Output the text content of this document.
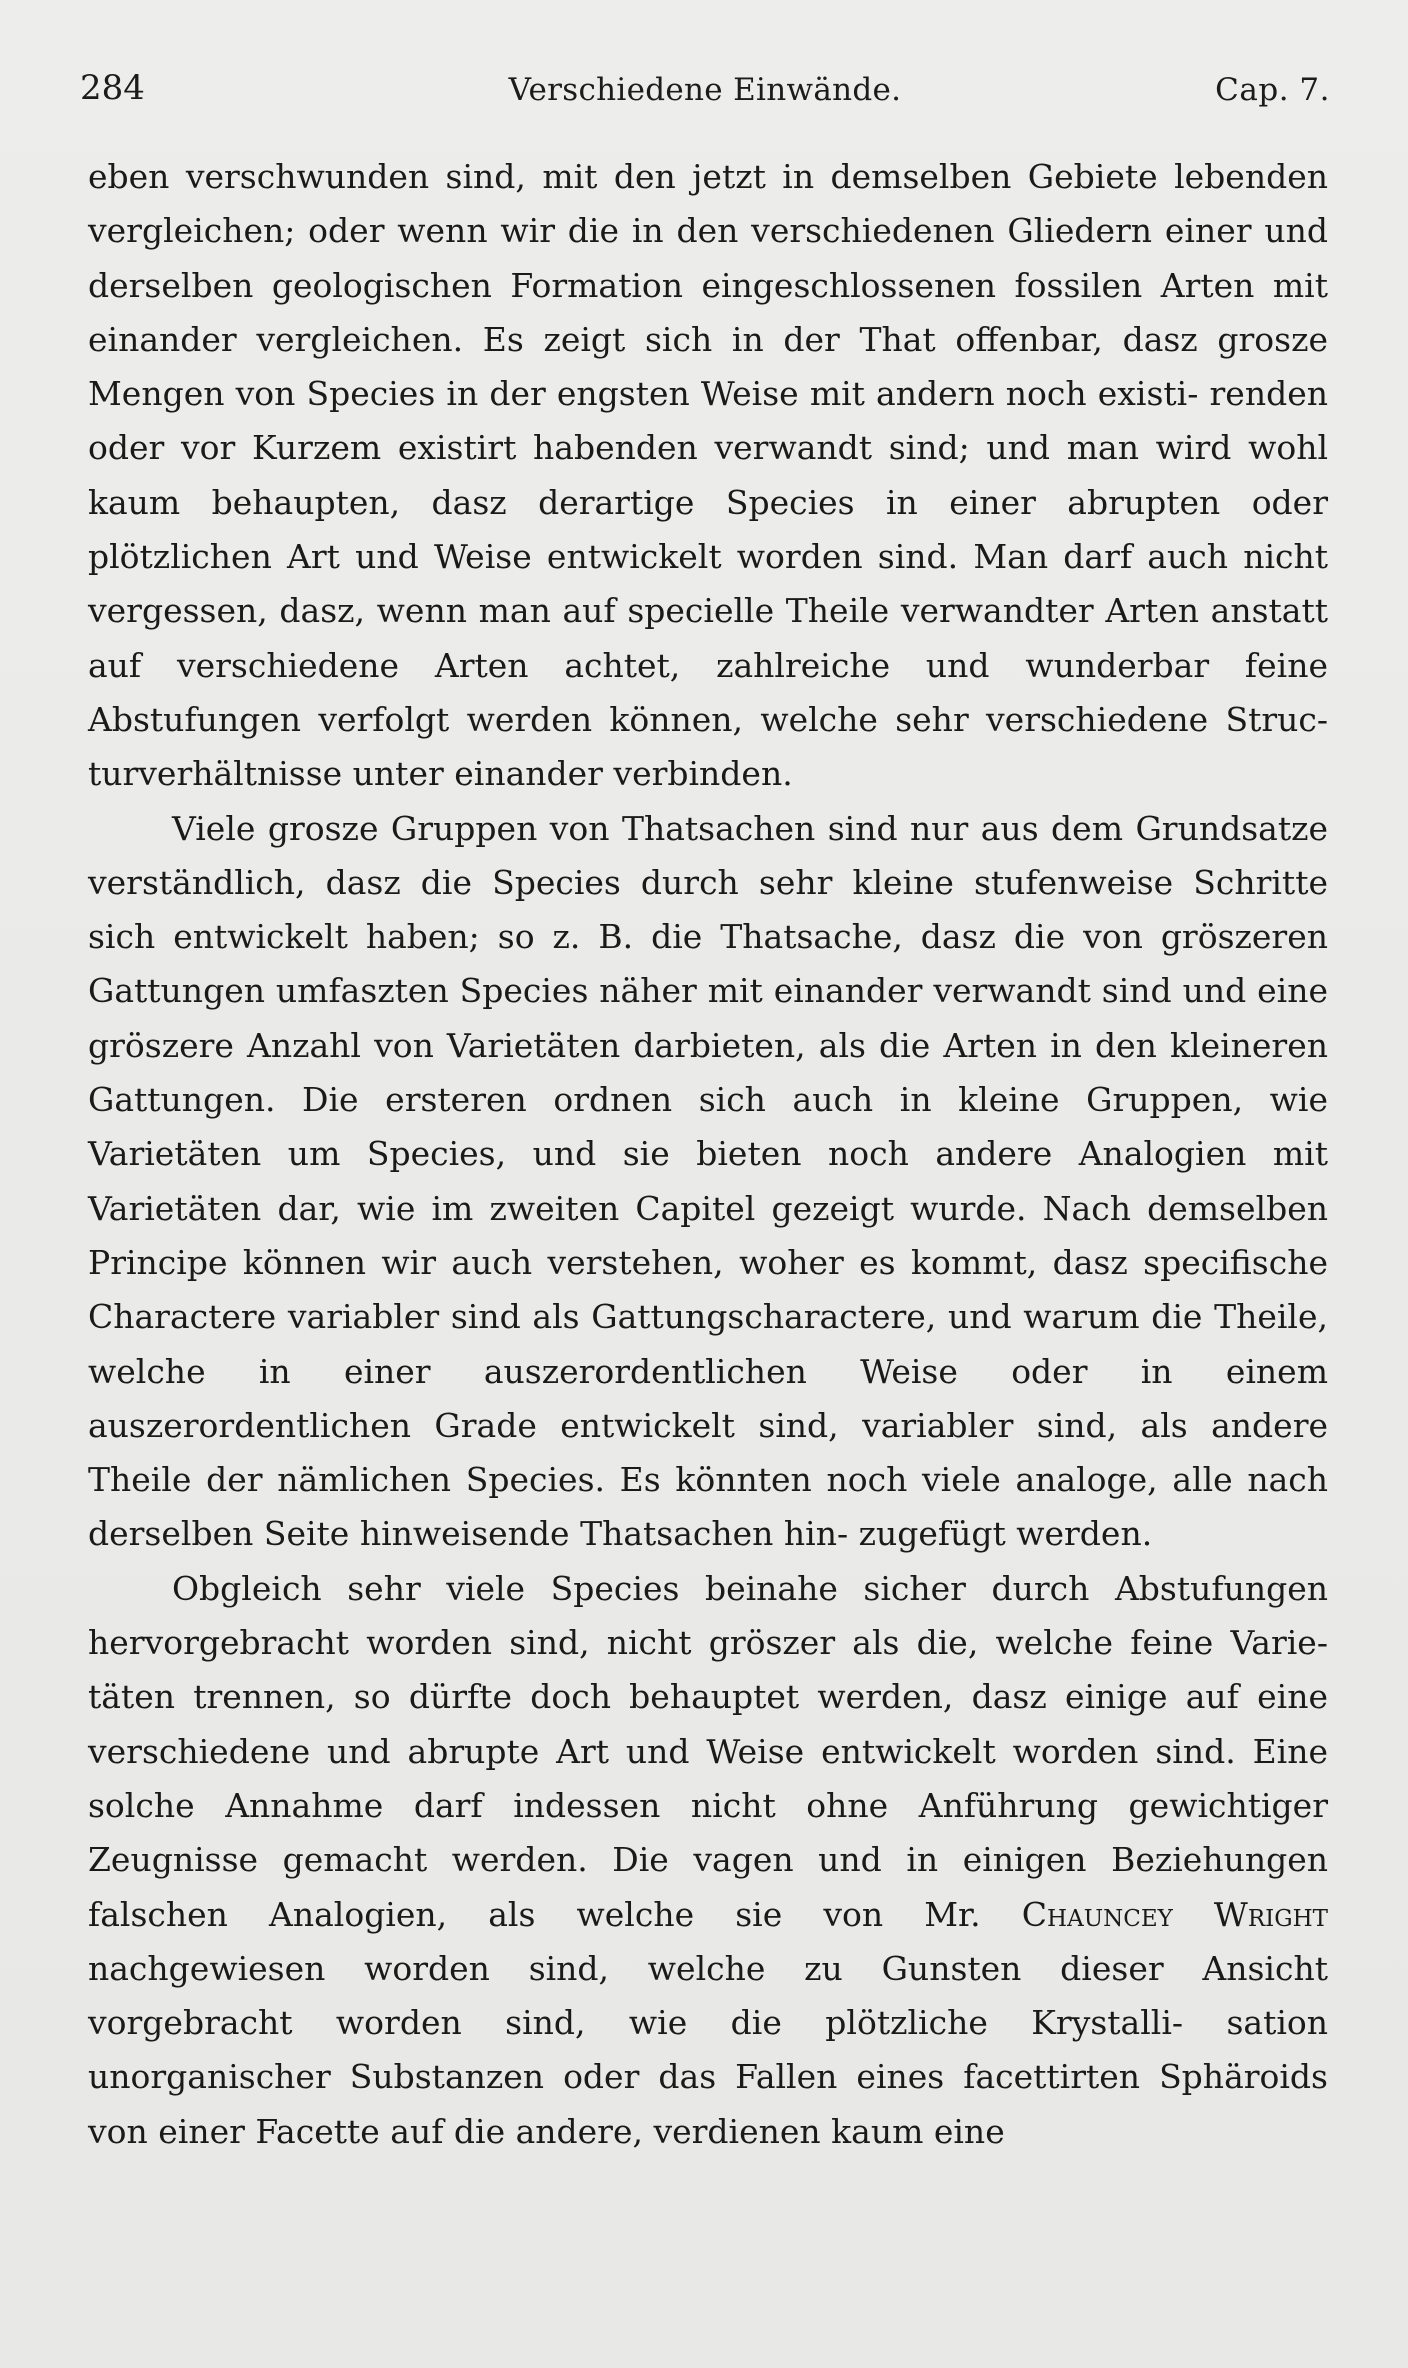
284	Verschiedene Einwände.	Cap. 7.

eben verschwunden sind, mit den jetzt in demselben Gebiete lebenden vergleichen; oder wenn wir die in den verschiedenen Gliedern einer und derselben geologischen Formation eingeschlossenen fossilen Arten mit einander vergleichen. Es zeigt sich in der That offenbar, dasz grosze Mengen von Species in der engsten Weise mit andern noch existi- renden oder vor Kurzem existirt habenden verwandt sind; und man wird wohl kaum behaupten, dasz derartige Species in einer abrupten oder plötzlichen Art und Weise entwickelt worden sind. Man darf auch nicht vergessen, dasz, wenn man auf specielle Theile verwandter Arten anstatt auf verschiedene Arten achtet, zahlreiche und wunderbar feine Abstufungen verfolgt werden können, welche sehr verschiedene Struc- turverhältnisse unter einander verbinden.

Viele grosze Gruppen von Thatsachen sind nur aus dem Grundsatze verständlich, dasz die Species durch sehr kleine stufenweise Schritte sich entwickelt haben; so z. B. die Thatsache, dasz die von gröszeren Gattungen umfaszten Species näher mit einander verwandt sind und eine gröszere Anzahl von Varietäten darbieten, als die Arten in den kleineren Gattungen. Die ersteren ordnen sich auch in kleine Gruppen, wie Varietäten um Species, und sie bieten noch andere Analogien mit Varietäten dar, wie im zweiten Capitel gezeigt wurde. Nach demselben Principe können wir auch verstehen, woher es kommt, dasz specifische Charactere variabler sind als Gattungscharactere, und warum die Theile, welche in einer auszerordentlichen Weise oder in einem auszerordentlichen Grade entwickelt sind, variabler sind, als andere Theile der nämlichen Species. Es könnten noch viele analoge, alle nach derselben Seite hinweisende Thatsachen hin- zugefügt werden.

Obgleich sehr viele Species beinahe sicher durch Abstufungen hervorgebracht worden sind, nicht gröszer als die, welche feine Varie- täten trennen, so dürfte doch behauptet werden, dasz einige auf eine verschiedene und abrupte Art und Weise entwickelt worden sind. Eine solche Annahme darf indessen nicht ohne Anführung gewichtiger Zeugnisse gemacht werden. Die vagen und in einigen Beziehungen falschen Analogien, als welche sie von Mr. Chauncey Wright nachgewiesen worden sind, welche zu Gunsten dieser Ansicht vorgebracht worden sind, wie die plötzliche Krystalli- sation unorganischer Substanzen oder das Fallen eines facettirten Sphäroids von einer Facette auf die andere, verdienen kaum eine
